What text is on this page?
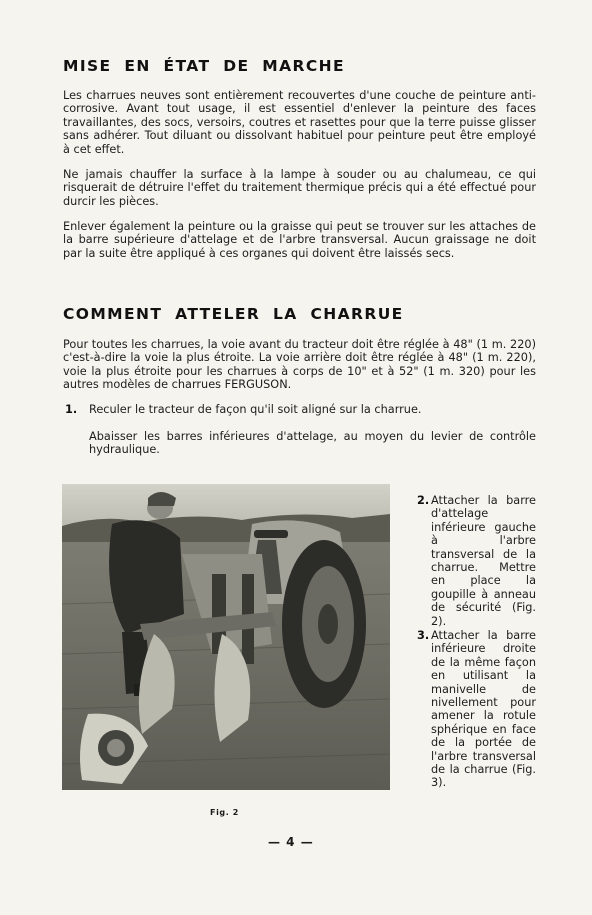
MISE EN ÉTAT DE MARCHE

Les charrues neuves sont entièrement recouvertes d'une couche de peinture anti-corrosive. Avant tout usage, il est essentiel d'enlever la peinture des faces travaillantes, des socs, versoirs, coutres et rasettes pour que la terre puisse glisser sans adhérer. Tout diluant ou dissolvant habituel pour peinture peut être employé à cet effet.

Ne jamais chauffer la surface à la lampe à souder ou au chalumeau, ce qui risquerait de détruire l'effet du traitement thermique précis qui a été effectué pour durcir les pièces.

Enlever également la peinture ou la graisse qui peut se trouver sur les attaches de la barre supérieure d'attelage et de l'arbre transversal. Aucun graissage ne doit par la suite être appliqué à ces organes qui doivent être laissés secs.

COMMENT ATTELER LA CHARRUE

Pour toutes les charrues, la voie avant du tracteur doit être réglée à 48" (1 m. 220) c'est-à-dire la voie la plus étroite. La voie arrière doit être réglée à 48" (1 m. 220), voie la plus étroite pour les charrues à corps de 10" et à 52" (1 m. 320) pour les autres modèles de charrues FERGUSON.

1. Reculer le tracteur de façon qu'il soit aligné sur la charrue.

Abaisser les barres inférieures d'attelage, au moyen du levier de contrôle hydraulique.

2. Attacher la barre d'attelage inférieure gauche à l'arbre transversal de la charrue. Mettre en place la goupille à anneau de sécurité (Fig. 2).

3. Attacher la barre inférieure droite de la même façon en utilisant la manivelle de nivellement pour amener la rotule sphérique en face de la portée de l'arbre transversal de la charrue (Fig. 3).

Fig. 2
— 4 —
